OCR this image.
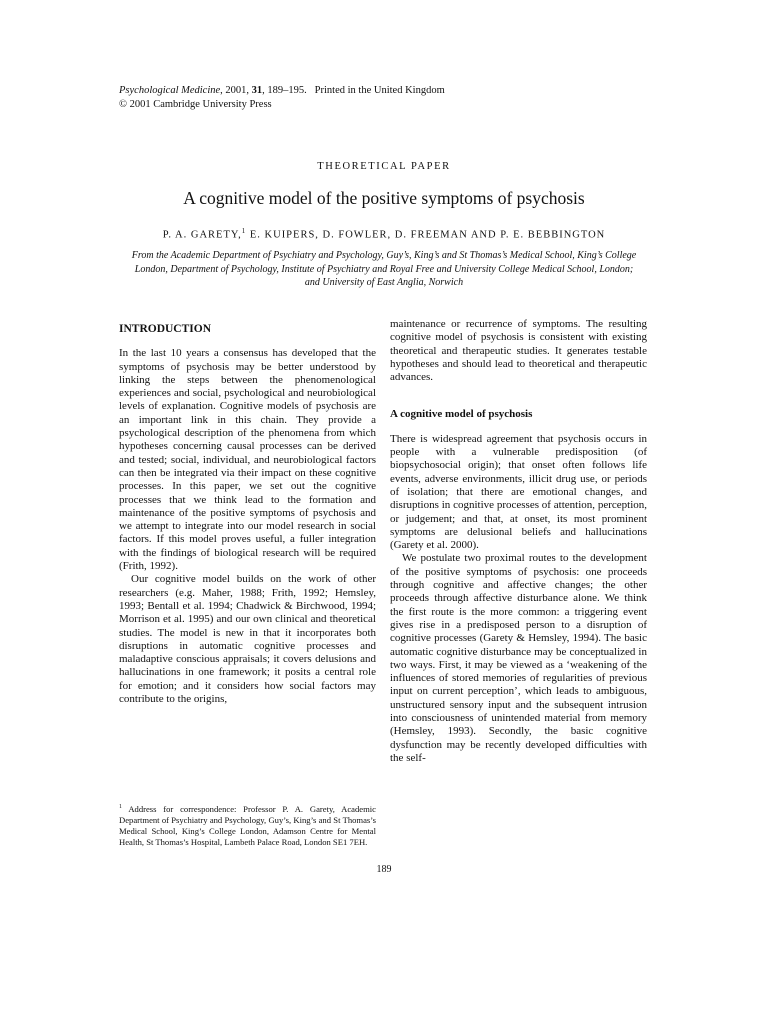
Psychological Medicine, 2001, 31, 189–195. Printed in the United Kingdom
© 2001 Cambridge University Press
THEORETICAL PAPER
A cognitive model of the positive symptoms of psychosis
P. A. GARETY,$^1$ E. KUIPERS, D. FOWLER, D. FREEMAN AND P. E. BEBBINGTON
From the Academic Department of Psychiatry and Psychology, Guy’s, King’s and St Thomas’s Medical School, King’s College London, Department of Psychology, Institute of Psychiatry and Royal Free and University College Medical School, London; and University of East Anglia, Norwich
INTRODUCTION

In the last 10 years a consensus has developed that the symptoms of psychosis may be better understood by linking the steps between the phenomenological experiences and social, psychological and neurobiological levels of explanation. Cognitive models of psychosis are an important link in this chain. They provide a psychological description of the phenomena from which hypotheses concerning causal processes can be derived and tested; social, individual, and neurobiological factors can then be integrated via their impact on these cognitive processes. In this paper, we set out the cognitive processes that we think lead to the formation and maintenance of the positive symptoms of psychosis and we attempt to integrate into our model research in social factors. If this model proves useful, a fuller integration with the findings of biological research will be required (Frith, 1992).

Our cognitive model builds on the work of other researchers (e.g. Maher, 1988; Frith, 1992; Hemsley, 1993; Bentall et al. 1994; Chadwick & Birchwood, 1994; Morrison et al. 1995) and our own clinical and theoretical studies. The model is new in that it incorporates both disruptions in automatic cognitive processes and maladaptive conscious appraisals; it covers delusions and hallucinations in one framework; it posits a central role for emotion; and it considers how social factors may contribute to the origins,

$^1$ Address for correspondence: Professor P. A. Garety, Academic Department of Psychiatry and Psychology, Guy’s, King’s and St Thomas’s Medical School, King’s College London, Adamson Centre for Mental Health, St Thomas’s Hospital, Lambeth Palace Road, London SE1 7EH.

maintenance or recurrence of symptoms. The resulting cognitive model of psychosis is consistent with existing theoretical and therapeutic studies. It generates testable hypotheses and should lead to theoretical and therapeutic advances.

A cognitive model of psychosis

There is widespread agreement that psychosis occurs in people with a vulnerable predisposition (of biopsychosocial origin); that onset often follows life events, adverse environments, illicit drug use, or periods of isolation; that there are emotional changes, and disruptions in cognitive processes of attention, perception, or judgement; and that, at onset, its most prominent symptoms are delusional beliefs and hallucinations (Garety et al. 2000).

We postulate two proximal routes to the development of the positive symptoms of psychosis: one proceeds through cognitive and affective changes; the other proceeds through affective disturbance alone. We think the first route is the more common: a triggering event gives rise in a predisposed person to a disruption of cognitive processes (Garety & Hemsley, 1994). The basic automatic cognitive disturbance may be conceptualized in two ways. First, it may be viewed as a ‘weakening of the influences of stored memories of regularities of previous input on current perception’, which leads to ambiguous, unstructured sensory input and the subsequent intrusion into consciousness of unintended material from memory (Hemsley, 1993). Secondly, the basic cognitive dysfunction may be recently developed difficulties with the self-

189
